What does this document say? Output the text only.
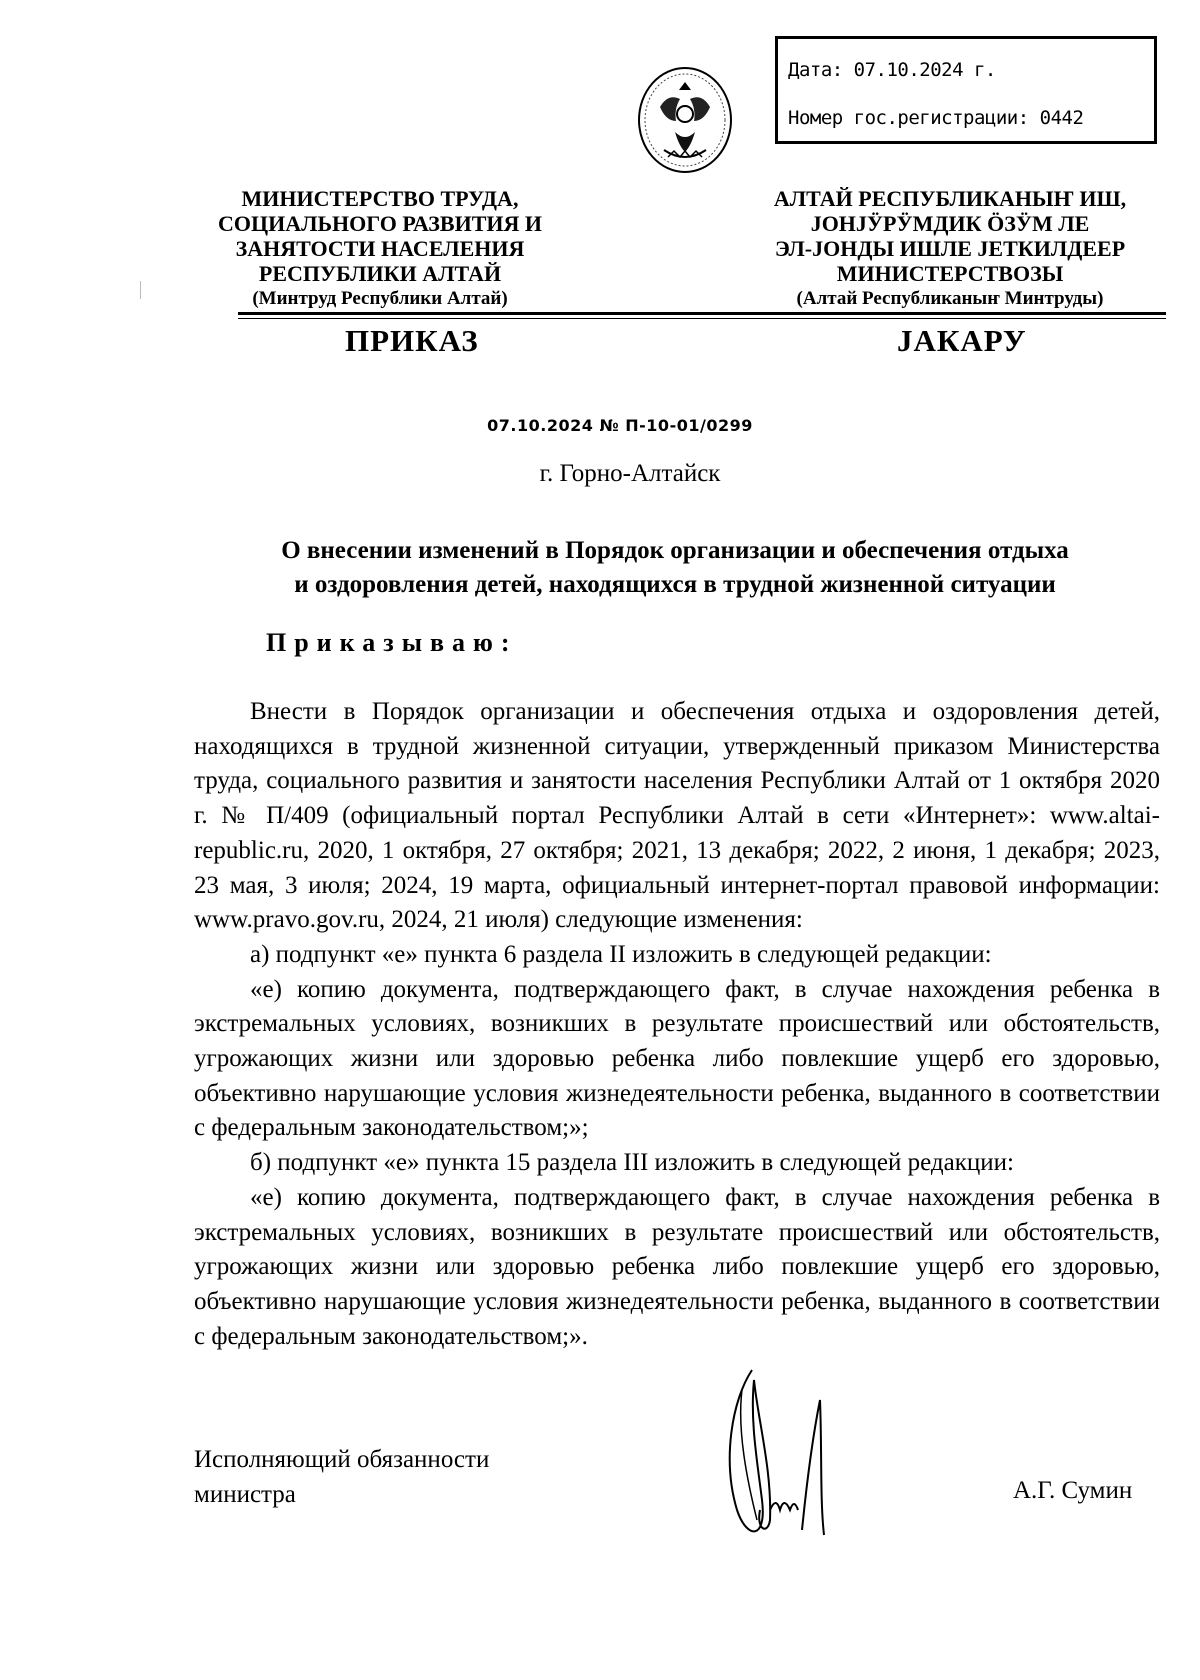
Дата: 07.10.2024 г.
Номер гос.регистрации: 0442
МИНИСТЕРСТВО ТРУДА,
СОЦИАЛЬНОГО РАЗВИТИЯ И
ЗАНЯТОСТИ НАСЕЛЕНИЯ
РЕСПУБЛИКИ АЛТАЙ
(Минтруд Республики Алтай)
АЛТАЙ РЕСПУБЛИКАНЫҤ ИШ,
ЈОНЈӰРӰМДИК ӦЗӰМ ЛЕ
ЭЛ-ЈОНДЫ ИШЛЕ ЈЕТКИЛДЕЕР
МИНИСТЕРСТВОЗЫ
(Алтай Республиканыҥ Минтруды)
ПРИКАЗ	ЈАКАРУ
07.10.2024 № П-10-01/0299
г. Горно-Алтайск
О внесении изменений в Порядок организации и обеспечения отдыха
и оздоровления детей, находящихся в трудной жизненной ситуации
Приказываю:

Внести в Порядок организации и обеспечения отдыха и оздоровления детей, находящихся в трудной жизненной ситуации, утвержденный приказом Министерства труда, социального развития и занятости населения Республики Алтай от 1 октября 2020 г. № П/409 (официальный портал Республики Алтай в сети «Интернет»: www.altai-republic.ru, 2020, 1 октября, 27 октября; 2021, 13 декабря; 2022, 2 июня, 1 декабря; 2023, 23 мая, 3 июля; 2024, 19 марта, официальный интернет-портал правовой информации: www.pravo.gov.ru, 2024, 21 июля) следующие изменения:

а) подпункт «е» пункта 6 раздела II изложить в следующей редакции:

«е) копию документа, подтверждающего факт, в случае нахождения ребенка в экстремальных условиях, возникших в результате происшествий или обстоятельств, угрожающих жизни или здоровью ребенка либо повлекшие ущерб его здоровью, объективно нарушающие условия жизнедеятельности ребенка, выданного в соответствии с федеральным законодательством;»;

б) подпункт «е» пункта 15 раздела III изложить в следующей редакции:

«е) копию документа, подтверждающего факт, в случае нахождения ребенка в экстремальных условиях, возникших в результате происшествий или обстоятельств, угрожающих жизни или здоровью ребенка либо повлекшие ущерб его здоровью, объективно нарушающие условия жизнедеятельности ребенка, выданного в соответствии с федеральным законодательством;».

Исполняющий обязанности
министра	А.Г. Сумин
